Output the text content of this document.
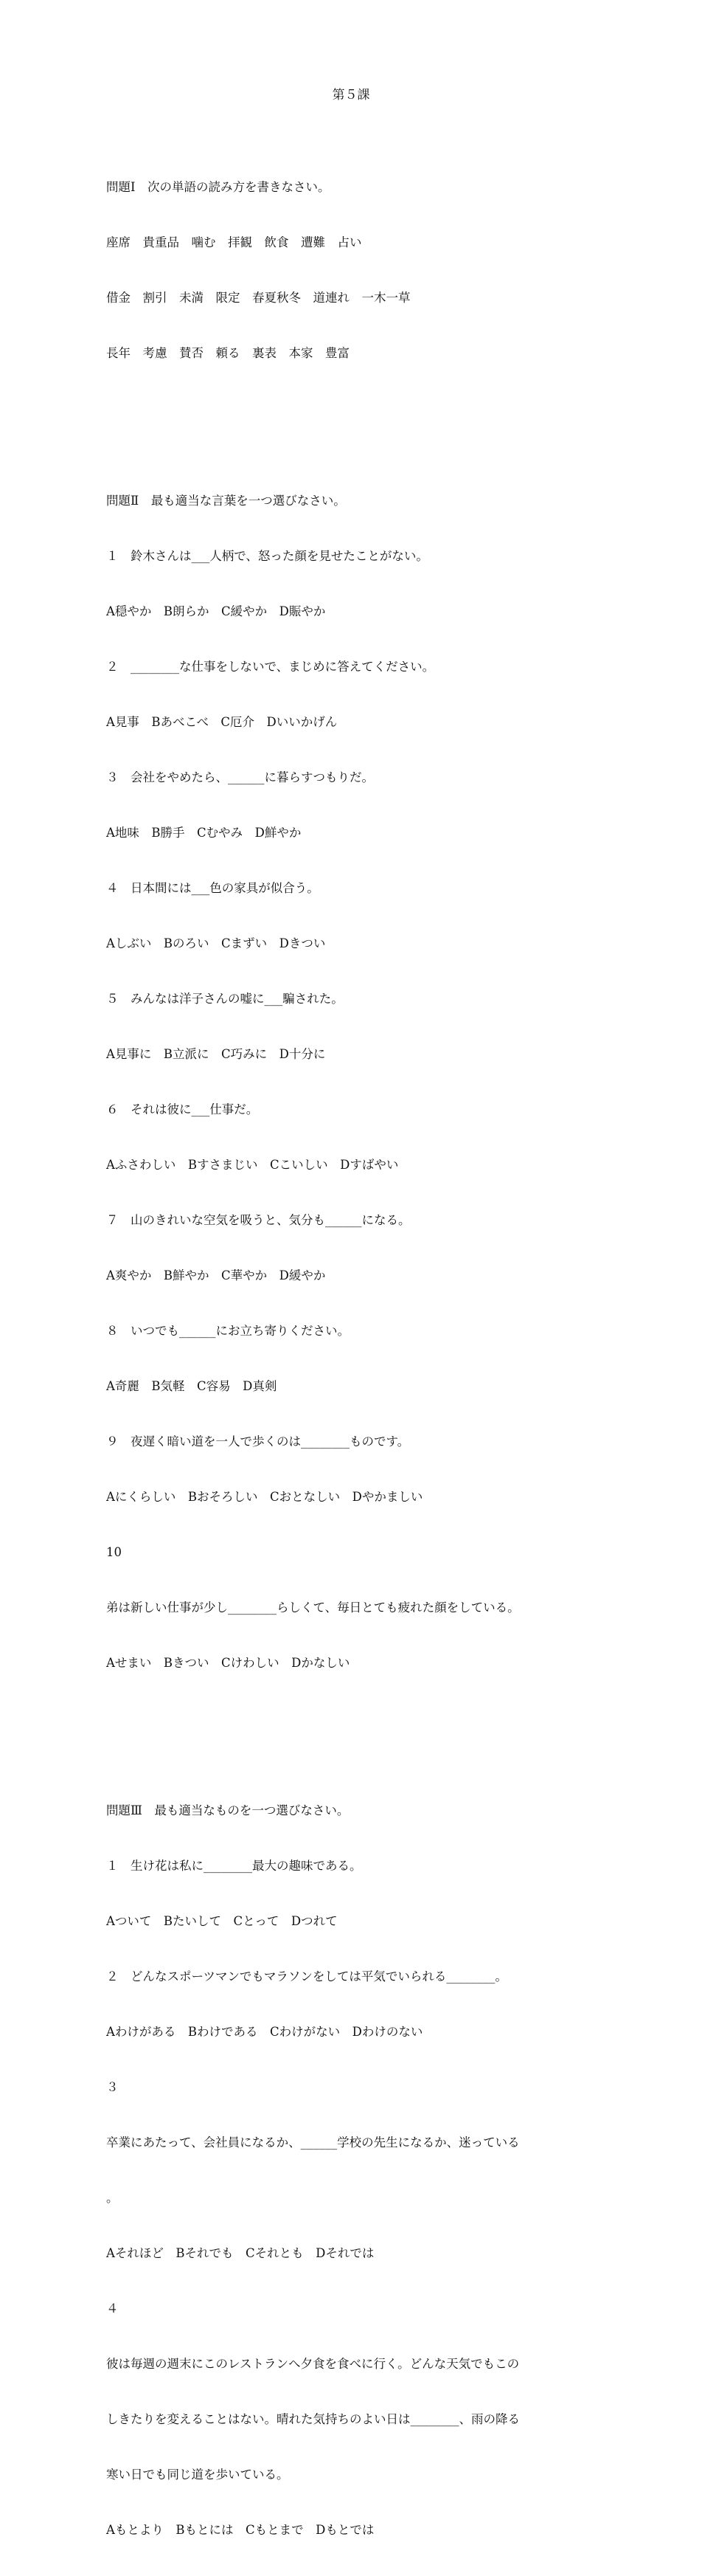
第５課

問題Ⅰ　次の単語の読み方を書きなさい。

座席　貴重品　噛む　拝観　飲食　遭難　占い

借金　割引　未満　限定　春夏秋冬　道連れ　一木一草

長年　考慮　賛否　頼る　裏表　本家　豊富

問題Ⅱ　最も適当な言葉を一つ選びなさい。

１　鈴木さんは___人柄で、怒った顔を見せたことがない。

A穏やか　B朗らか　C緩やか　D賑やか

２　________な仕事をしないで、まじめに答えてください。

A見事　Bあべこべ　C厄介　Dいいかげん

３　会社をやめたら、______に暮らすつもりだ。

A地味　B勝手　Cむやみ　D鮮やか

４　日本間には___色の家具が似合う。

Aしぶい　Bのろい　Cまずい　Dきつい

５　みんなは洋子さんの嘘に___騙された。

A見事に　B立派に　C巧みに　D十分に

６　それは彼に___仕事だ。

Aふさわしい　Bすさまじい　Cこいしい　Dすばやい

７　山のきれいな空気を吸うと、気分も______になる。

A爽やか　B鮮やか　C華やか　D緩やか

８　いつでも______にお立ち寄りください。

A奇麗　B気軽　C容易　D真剣

９　夜遅く暗い道を一人で歩くのは________ものです。

Aにくらしい　Bおそろしい　Cおとなしい　Dやかましい

10

弟は新しい仕事が少し________らしくて、毎日とても疲れた顔をしている。

Aせまい　Bきつい　Cけわしい　Dかなしい

問題Ⅲ　最も適当なものを一つ選びなさい。

１　生け花は私に________最大の趣味である。

Aついて　Bたいして　Cとって　Dつれて

２　どんなスポーツマンでもマラソンをしては平気でいられる________。

Aわけがある　Bわけである　Cわけがない　Dわけのない

３

卒業にあたって、会社員になるか、______学校の先生になるか、迷っている

。

Aそれほど　Bそれでも　Cそれとも　Dそれでは

４

彼は毎週の週末にこのレストランへ夕食を食べに行く。どんな天気でもこの

しきたりを変えることはない。晴れた気持ちのよい日は________、雨の降る

寒い日でも同じ道を歩いている。

Aもとより　Bもとには　Cもとまで　Dもとでは
